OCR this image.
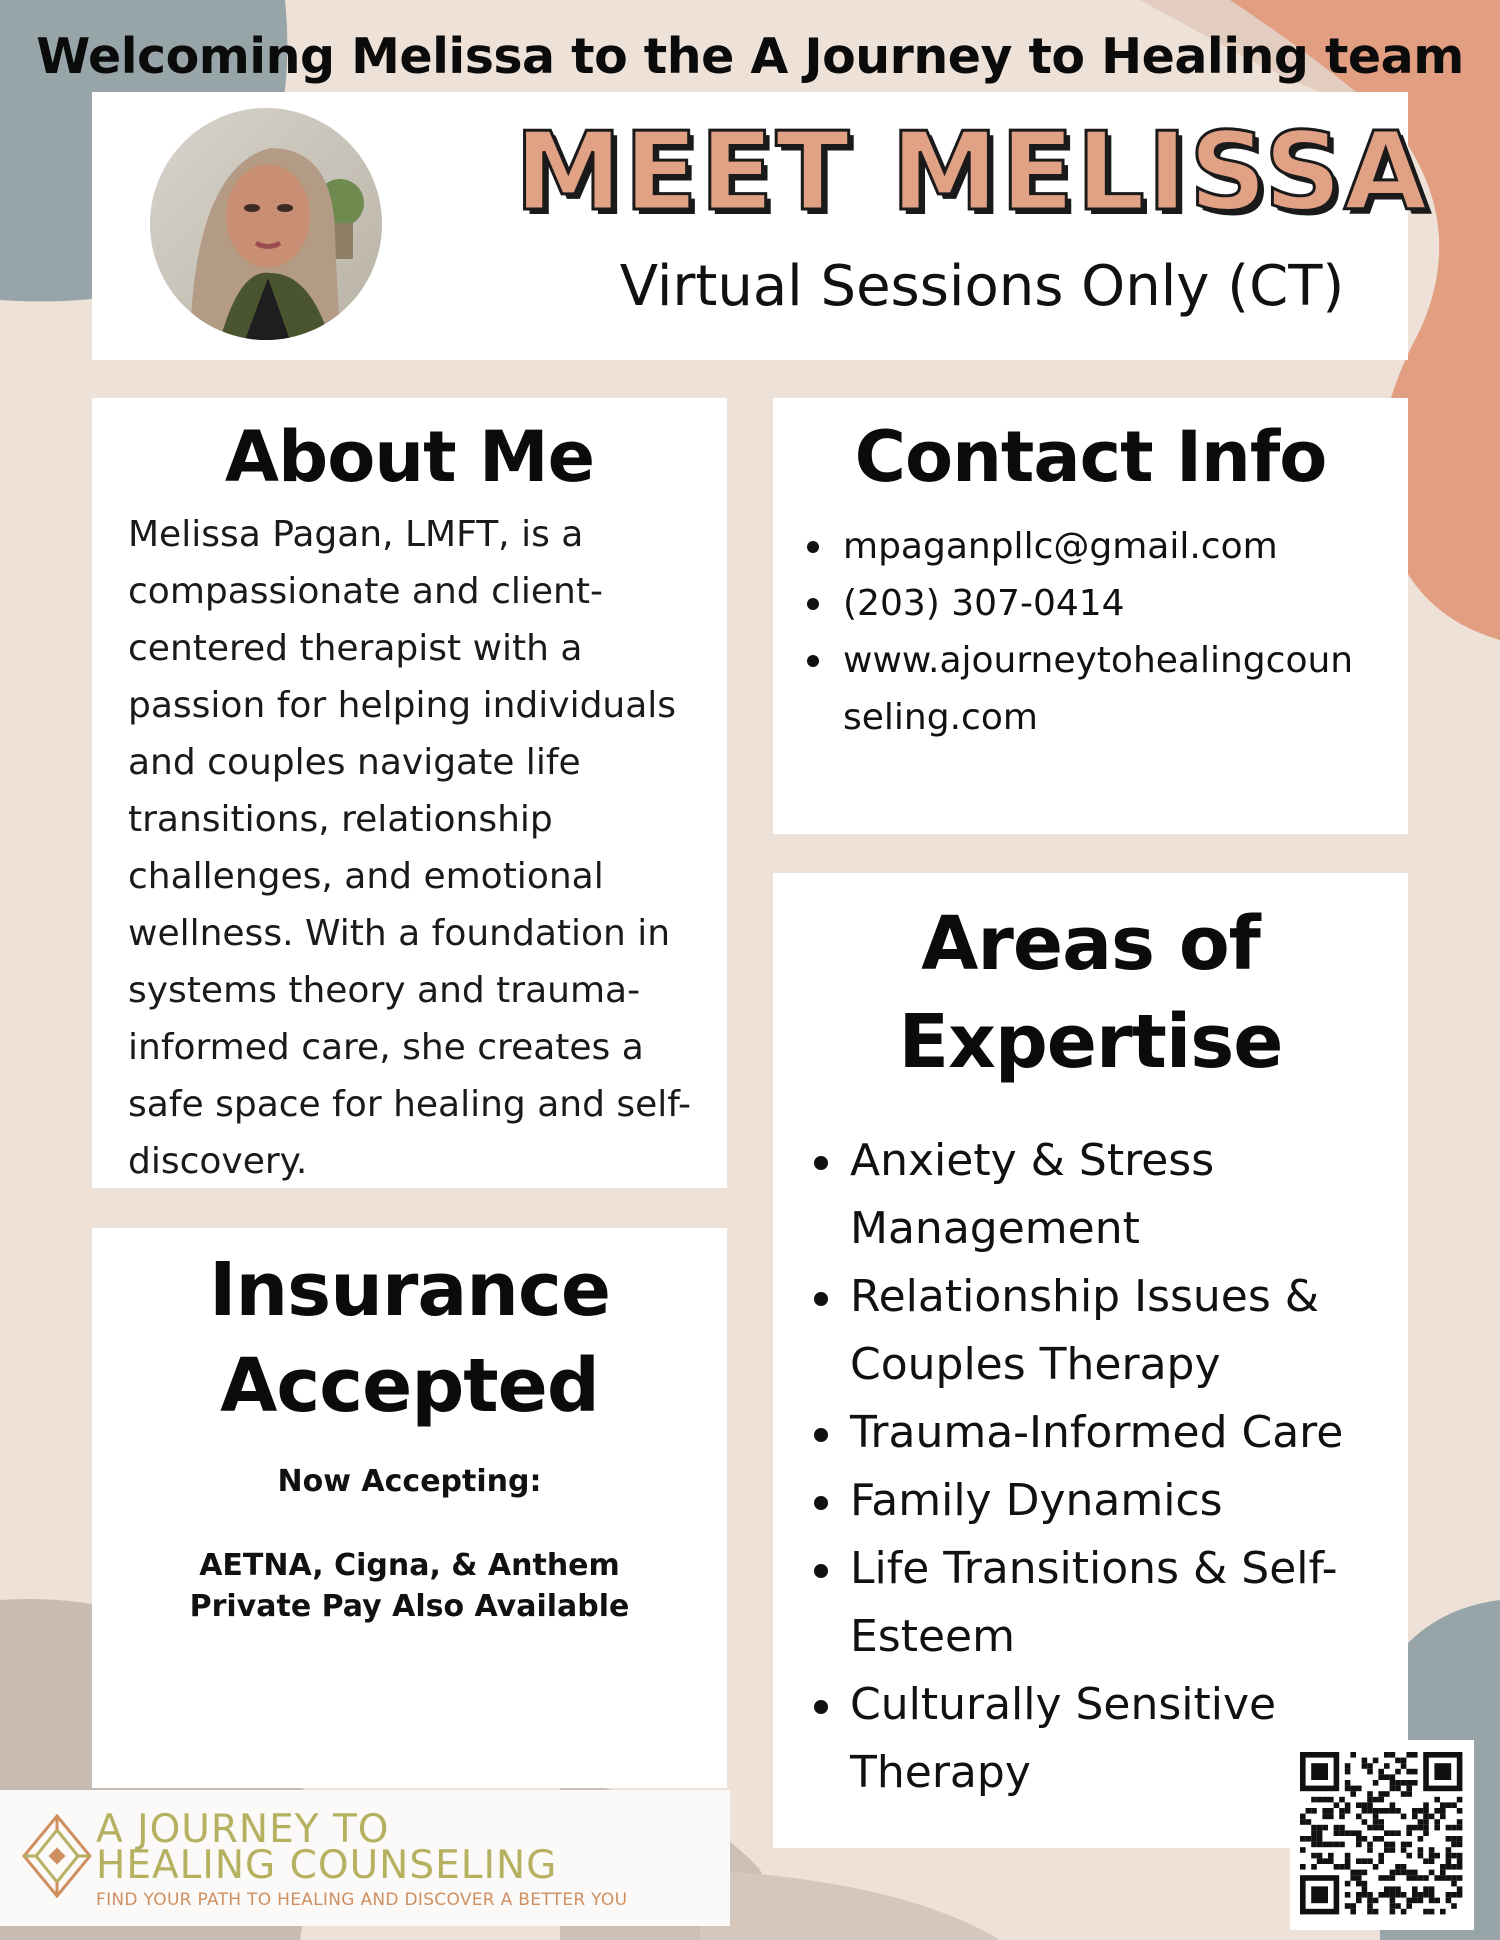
Welcoming Melissa to the A Journey to Healing team
MEET MELISSA
Virtual Sessions Only (CT)
About Me
Melissa Pagan, LMFT, is a
compassionate and client-
centered therapist with a
passion for helping individuals
and couples navigate life
transitions, relationship
challenges, and emotional
wellness. With a foundation in
systems theory and trauma-
informed care, she creates a
safe space for healing and self-
discovery.
Contact Info
mpaganpllc@gmail.com
(203) 307-0414
www.ajourneytohealingcoun
seling.com
Areas of
Expertise
Anxiety & Stress
Management
Relationship Issues &
Couples Therapy
Trauma-Informed Care
Family Dynamics
Life Transitions & Self-
Esteem
Culturally Sensitive
Therapy
Insurance
Accepted
Now Accepting:
AETNA, Cigna, & Anthem
Private Pay Also Available
A JOURNEY TO
HEALING COUNSELING
FIND YOUR PATH TO HEALING AND DISCOVER A BETTER YOU
